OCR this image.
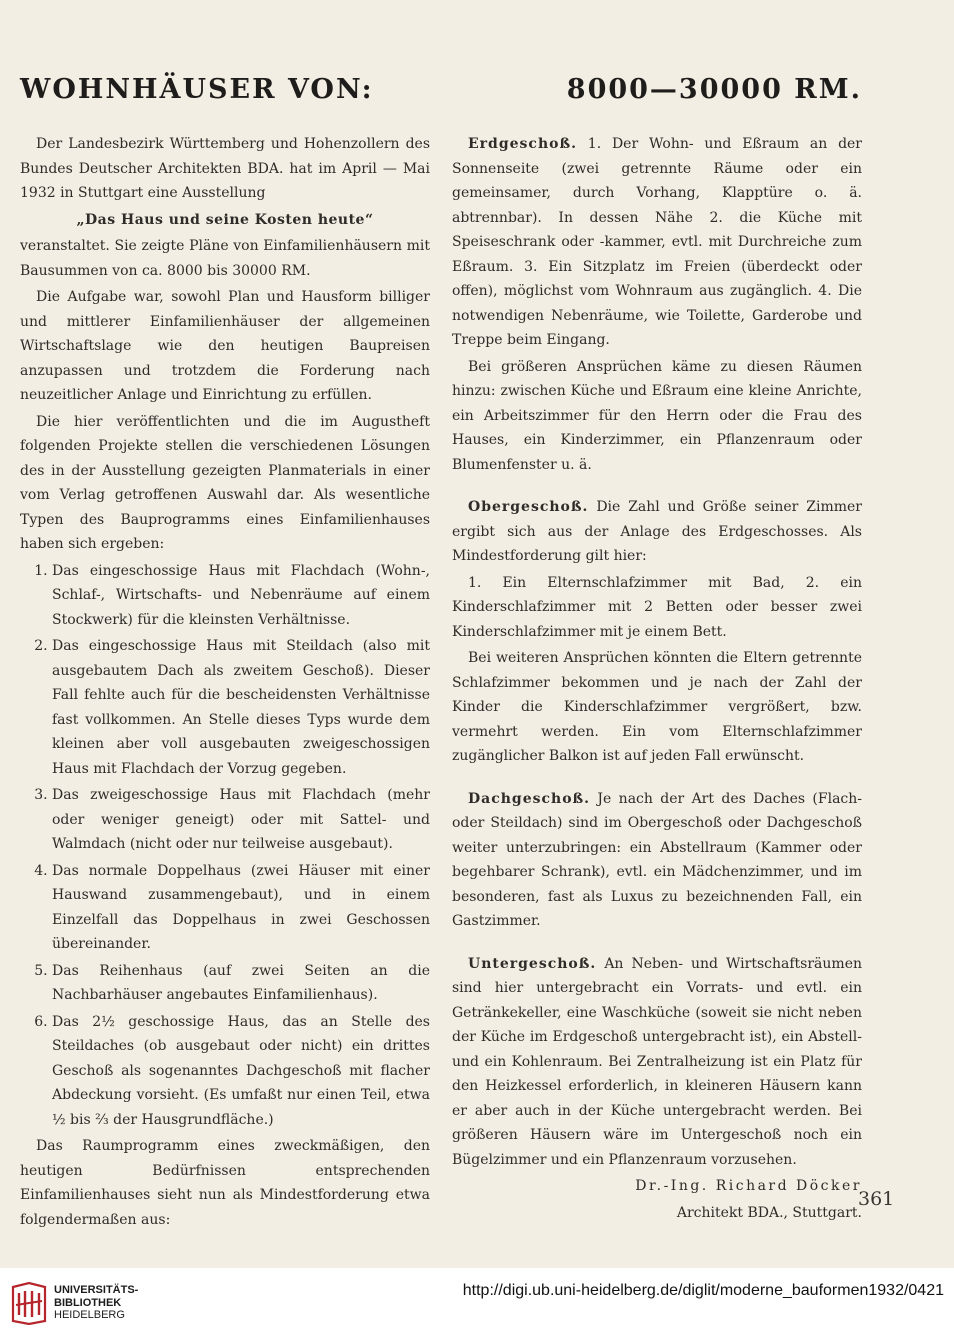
WOHNHÄUSER VON:	8000—30000 RM.

Der Landesbezirk Württemberg und Hohenzollern des Bundes Deutscher Architekten BDA. hat im April — Mai 1932 in Stuttgart eine Ausstellung

„Das Haus und seine Kosten heute“

veranstaltet. Sie zeigte Pläne von Einfamilienhäusern mit Bausummen von ca. 8000 bis 30000 RM.

Die Aufgabe war, sowohl Plan und Hausform billiger und mittlerer Einfamilienhäuser der allgemeinen Wirtschaftslage wie den heutigen Baupreisen anzupassen und trotzdem die Forderung nach neuzeitlicher Anlage und Einrichtung zu erfüllen.

Die hier veröffentlichten und die im Augustheft folgenden Projekte stellen die verschiedenen Lösungen des in der Ausstellung gezeigten Planmaterials in einer vom Verlag getroffenen Auswahl dar. Als wesentliche Typen des Bauprogramms eines Einfamilienhauses haben sich ergeben:

1. Das eingeschossige Haus mit Flachdach (Wohn-, Schlaf-, Wirtschafts- und Nebenräume auf einem Stockwerk) für die kleinsten Verhältnisse.
2. Das eingeschossige Haus mit Steildach (also mit ausgebautem Dach als zweitem Geschoß). Dieser Fall fehlte auch für die bescheidensten Verhältnisse fast vollkommen. An Stelle dieses Typs wurde dem kleinen aber voll ausgebauten zweigeschossigen Haus mit Flachdach der Vorzug gegeben.
3. Das zweigeschossige Haus mit Flachdach (mehr oder weniger geneigt) oder mit Sattel- und Walmdach (nicht oder nur teilweise ausgebaut).
4. Das normale Doppelhaus (zwei Häuser mit einer Hauswand zusammengebaut), und in einem Einzelfall das Doppelhaus in zwei Geschossen übereinander.
5. Das Reihenhaus (auf zwei Seiten an die Nachbarhäuser angebautes Einfamilienhaus).
6. Das 2½ geschossige Haus, das an Stelle des Steildaches (ob ausgebaut oder nicht) ein drittes Geschoß als sogenanntes Dachgeschoß mit flacher Abdeckung vorsieht. (Es umfaßt nur einen Teil, etwa ½ bis ⅔ der Hausgrundfläche.)

Das Raumprogramm eines zweckmäßigen, den heutigen Bedürfnissen entsprechenden Einfamilienhauses sieht nun als Mindestforderung etwa folgendermaßen aus:

Erdgeschoß. 1. Der Wohn- und Eßraum an der Sonnenseite (zwei getrennte Räume oder ein gemeinsamer, durch Vorhang, Klapptüre o. ä. abtrennbar). In dessen Nähe 2. die Küche mit Speiseschrank oder -kammer, evtl. mit Durchreiche zum Eßraum. 3. Ein Sitzplatz im Freien (überdeckt oder offen), möglichst vom Wohnraum aus zugänglich. 4. Die notwendigen Nebenräume, wie Toilette, Garderobe und Treppe beim Eingang.

Bei größeren Ansprüchen käme zu diesen Räumen hinzu: zwischen Küche und Eßraum eine kleine Anrichte, ein Arbeitszimmer für den Herrn oder die Frau des Hauses, ein Kinderzimmer, ein Pflanzenraum oder Blumenfenster u. ä.

Obergeschoß. Die Zahl und Größe seiner Zimmer ergibt sich aus der Anlage des Erdgeschosses. Als Mindestforderung gilt hier:

1. Ein Elternschlafzimmer mit Bad, 2. ein Kinderschlafzimmer mit 2 Betten oder besser zwei Kinderschlafzimmer mit je einem Bett.

Bei weiteren Ansprüchen könnten die Eltern getrennte Schlafzimmer bekommen und je nach der Zahl der Kinder die Kinderschlafzimmer vergrößert, bzw. vermehrt werden. Ein vom Elternschlafzimmer zugänglicher Balkon ist auf jeden Fall erwünscht.

Dachgeschoß. Je nach der Art des Daches (Flach- oder Steildach) sind im Obergeschoß oder Dachgeschoß weiter unterzubringen: ein Abstellraum (Kammer oder begehbarer Schrank), evtl. ein Mädchenzimmer, und im besonderen, fast als Luxus zu bezeichnenden Fall, ein Gastzimmer.

Untergeschoß. An Neben- und Wirtschaftsräumen sind hier untergebracht ein Vorrats- und evtl. ein Getränkekeller, eine Waschküche (soweit sie nicht neben der Küche im Erdgeschoß untergebracht ist), ein Abstell- und ein Kohlenraum. Bei Zentralheizung ist ein Platz für den Heizkessel erforderlich, in kleineren Häusern kann er aber auch in der Küche untergebracht werden. Bei größeren Häusern wäre im Untergeschoß noch ein Bügelzimmer und ein Pflanzenraum vorzusehen.

Dr.-Ing. Richard Döcker

Architekt BDA., Stuttgart.

361
UNIVERSITÄTS-
BIBLIOTHEK
HEIDELBERG
http://digi.ub.uni-heidelberg.de/diglit/moderne_bauformen1932/0421
